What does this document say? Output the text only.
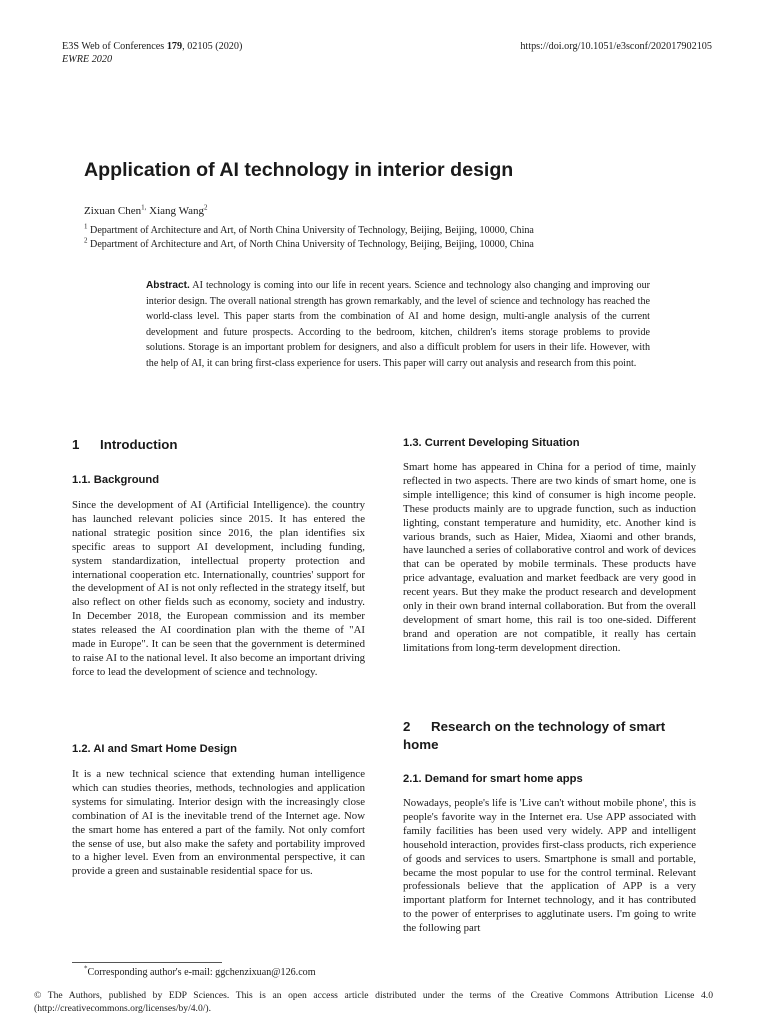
E3S Web of Conferences 179, 02105 (2020)
EWRE 2020
https://doi.org/10.1051/e3sconf/202017902105
Application of AI technology in interior design
Zixuan Chen$^{1,}$ Xiang Wang$^2$
$^1$ Department of Architecture and Art, of North China University of Technology, Beijing, Beijing, 10000, China
$^2$ Department of Architecture and Art, of North China University of Technology, Beijing, Beijing, 10000, China

Abstract. AI technology is coming into our life in recent years. Science and technology also changing and improving our interior design. The overall national strength has grown remarkably, and the level of science and technology has reached the world-class level. This paper starts from the combination of AI and home design, multi-angle analysis of the current development and future prospects. According to the bedroom, kitchen, children's items storage problems to provide solutions. Storage is an important problem for designers, and also a difficult problem for users in their life. However, with the help of AI, it can bring first-class experience for users. This paper will carry out analysis and research from this point.

1 Introduction
1.1. Background

Since the development of AI (Artificial Intelligence). the country has launched relevant policies since 2015. It has entered the national strategic position since 2016, the plan identifies six specific areas to support AI development, including funding, system standardization, intellectual property protection and international cooperation etc. Internationally, countries' support for the development of AI is not only reflected in the strategy itself, but also reflect on other fields such as economy, society and industry. In December 2018, the European commission and its member states released the AI coordination plan with the theme of "AI made in Europe". It can be seen that the government is determined to raise AI to the national level. It also become an important driving force to lead the development of science and technology.

1.2. AI and Smart Home Design

It is a new technical science that extending human intelligence which can studies theories, methods, technologies and application systems for simulating. Interior design with the increasingly close combination of AI is the inevitable trend of the Internet age. Now the smart home has entered a part of the family. Not only comfort the sense of use, but also make the safety and portability improved to a higher level. Even from an environmental perspective, it can provide a green and sustainable residential space for us.

1.3. Current Developing Situation

Smart home has appeared in China for a period of time, mainly reflected in two aspects. There are two kinds of smart home, one is simple intelligence; this kind of consumer is high income people. These products mainly are to upgrade function, such as induction lighting, constant temperature and humidity, etc. Another kind is various brands, such as Haier, Midea, Xiaomi and other brands, have launched a series of collaborative control and work of devices that can be operated by mobile terminals. These products have price advantage, evaluation and market feedback are very good in recent years. But they make the product research and development only in their own brand internal collaboration. But from the overall development of smart home, this rail is too one-sided. Different brand and operation are not compatible, it really has certain limitations from long-term development direction.

2 Research on the technology of smart home
2.1. Demand for smart home apps

Nowadays, people's life is 'Live can't without mobile phone', this is people's favorite way in the Internet era. Use APP associated with family facilities has been used very widely. APP and intelligent household interaction, provides first-class products, rich experience of goods and services to users. Smartphone is small and portable, became the most popular to use for the control terminal. Relevant professionals believe that the application of APP is a very important platform for Internet technology, and it has contributed to the power of enterprises to agglutinate users. I'm going to write the following part

*Corresponding author's e-mail: ggchenzixuan@126.com

© The Authors, published by EDP Sciences. This is an open access article distributed under the terms of the Creative Commons Attribution License 4.0 (http://creativecommons.org/licenses/by/4.0/).
